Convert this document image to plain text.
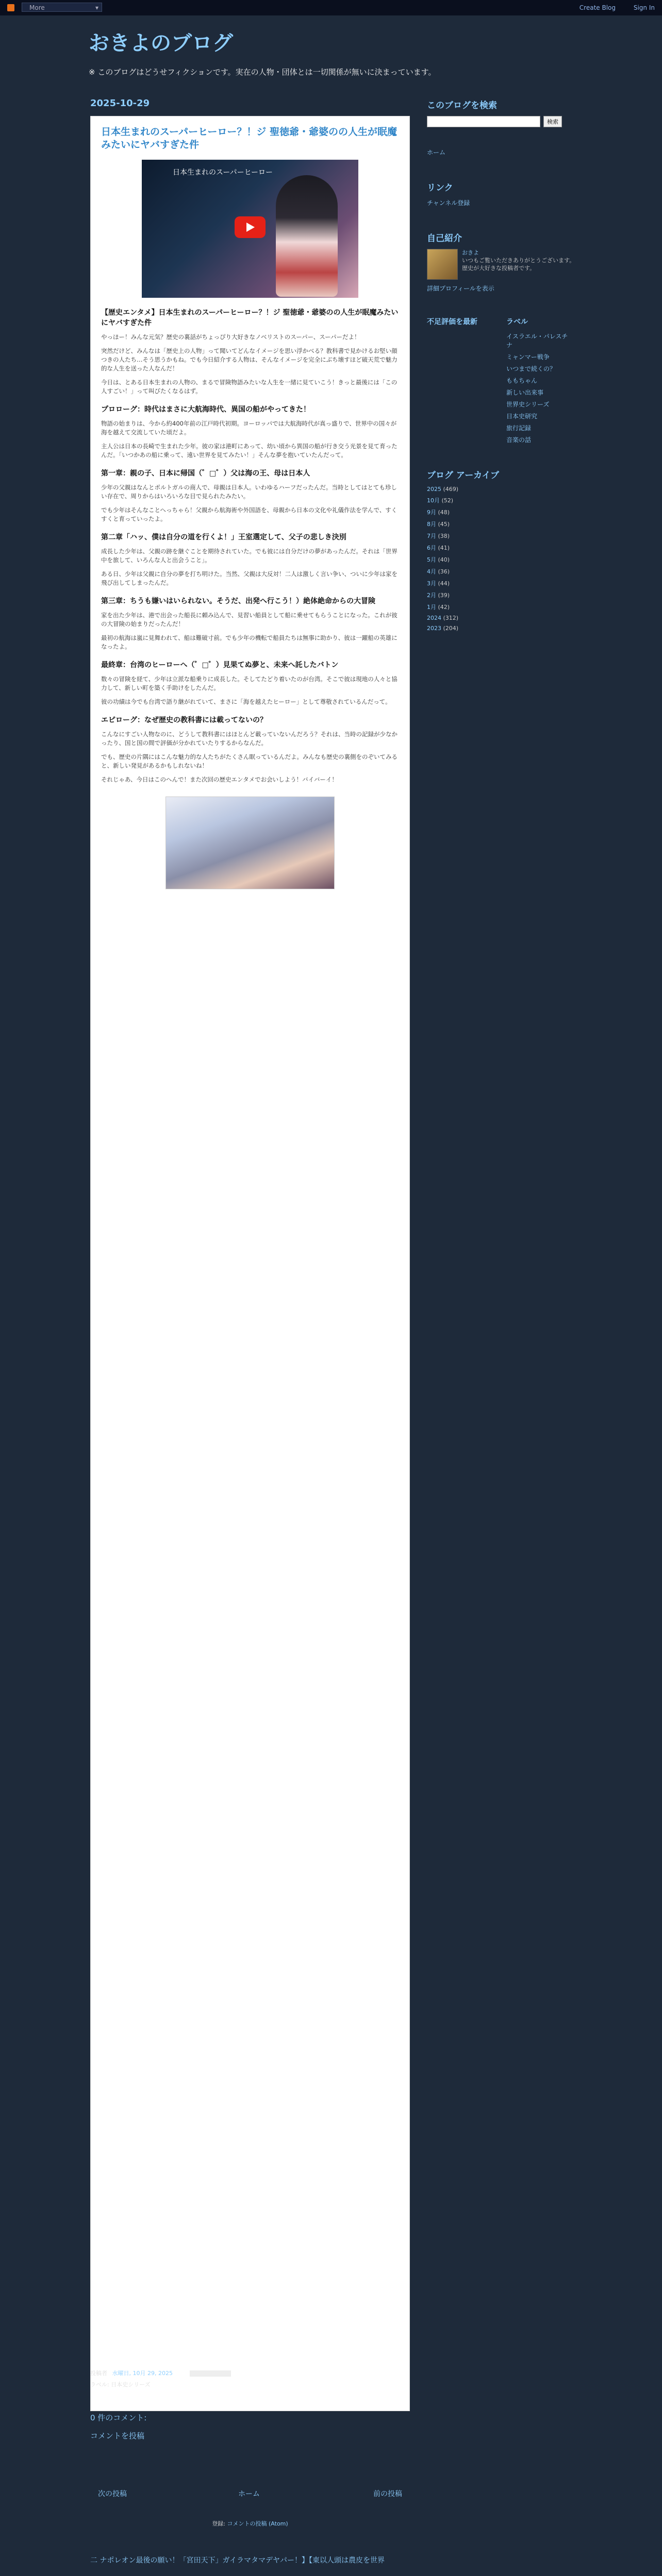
More ▾	Create Blog	Sign In
おきよのブログ
※ このブログはどうせフィクションです。実在の人物・団体とは一切関係が無いに決まっています。
2025-10-29
日本生まれのスーパーヒーロー？！ジ 聖徳爺・爺婆のの人生が眠魔みたいにヤバすぎた件
日本生まれのスーパーヒーロー
【歴史エンタメ】日本生まれのスーパーヒーロー？！ジ 聖徳爺・爺婆のの人生が眠魔みたいにヤバすぎた件
やっほー！みんな元気？歴史の裏話がちょっぴり大好きなノベリストのスーパー、スーパーだよ！
突然だけど、みんなは「歴史上の人物」って聞いてどんなイメージを思い浮かべる？教科書で見かけるお堅い顔つきの人たち…そう思うかもね。でも今日紹介する人物は、そんなイメージを完全にぶち壊すほど破天荒で魅力的な人生を送った人なんだ！
今日は、とある日本生まれの人物の、まるで冒険物語みたいな人生を一緒に見ていこう！きっと最後には「この人すごい！」って叫びたくなるはず。
プロローグ：時代はまさに大航海時代、異国の船がやってきた！
物語の始まりは、今から約400年前の江戸時代初期。ヨーロッパでは大航海時代が真っ盛りで、世界中の国々が海を越えて交流していた頃だよ。
主人公は日本の長崎で生まれた少年。彼の家は港町にあって、幼い頃から異国の船が行き交う光景を見て育ったんだ。「いつかあの船に乗って、遠い世界を見てみたい！」そんな夢を抱いていたんだって。
第一章：親の子、日本に帰国（゜□゜）父は海の王、母は日本人
少年の父親はなんとポルトガルの商人で、母親は日本人。いわゆるハーフだったんだ。当時としてはとても珍しい存在で、周りからはいろいろな目で見られたみたい。
でも少年はそんなことへっちゃら！父親から航海術や外国語を、母親から日本の文化や礼儀作法を学んで、すくすくと育っていったよ。
第二章「ハッ、僕は自分の道を行くよ！」王室選定して、父子の悲しき決別
成長した少年は、父親の跡を継ぐことを期待されていた。でも彼には自分だけの夢があったんだ。それは「世界中を旅して、いろんな人と出会うこと」。
ある日、少年は父親に自分の夢を打ち明けた。当然、父親は大反対！二人は激しく言い争い、ついに少年は家を飛び出してしまったんだ。
第三章：ちうも嫌いはいられない。そうだ、出発へ行こう！）絶体絶命からの大冒険
家を出た少年は、港で出会った船長に頼み込んで、見習い船員として船に乗せてもらうことになった。これが彼の大冒険の始まりだったんだ！
最初の航海は嵐に見舞われて、船は難破寸前。でも少年の機転で船員たちは無事に助かり、彼は一躍船の英雄になったよ。
最終章：台湾のヒーローへ（゜□゜）見果てぬ夢と、未来へ託したバトン
数々の冒険を経て、少年は立派な船乗りに成長した。そしてたどり着いたのが台湾。そこで彼は現地の人々と協力して、新しい町を築く手助けをしたんだ。
彼の功績は今でも台湾で語り継がれていて、まさに「海を越えたヒーロー」として尊敬されているんだって。
エピローグ：なぜ歴史の教科書には載ってないの？
こんなにすごい人物なのに、どうして教科書にはほとんど載っていないんだろう？それは、当時の記録が少なかったり、国と国の間で評価が分かれていたりするからなんだ。
でも、歴史の片隅にはこんな魅力的な人たちがたくさん眠っているんだよ。みんなも歴史の裏側をのぞいてみると、新しい発見があるかもしれないね！
それじゃあ、今日はこのへんで！また次回の歴史エンタメでお会いしよう！バイバーイ！
投稿者 水曜日, 10月 29, 2025
ラベル: 日本史シリーズ
0 件のコメント:
コメントを投稿
次の投稿	ホーム	前の投稿
登録: コメントの投稿 (Atom)
二 ナポレオン最後の願い！「宮田天下」ガイラマタマデヤパー！】【東以人頭は農皮を世界
このブログを検索
検索
ホーム
リンク
チャンネル登録
自己紹介
おきよ
いつもご覧いただきありがとうございます。歴史が大好きな投稿者です。
詳細プロフィールを表示
不足評価を最新	ラベル
イスラエル・パレスチナ
ミャンマー戦争
いつまで続くの？
ももちゃん
新しい出来事
世界史シリーズ
日本史研究
旅行記録
音楽の話
ブログ アーカイブ
2025 (469)
10月 (52)
9月 (48)
8月 (45)
7月 (38)
6月 (41)
5月 (40)
4月 (36)
3月 (44)
2月 (39)
1月 (42)
2024 (312)
2023 (204)
